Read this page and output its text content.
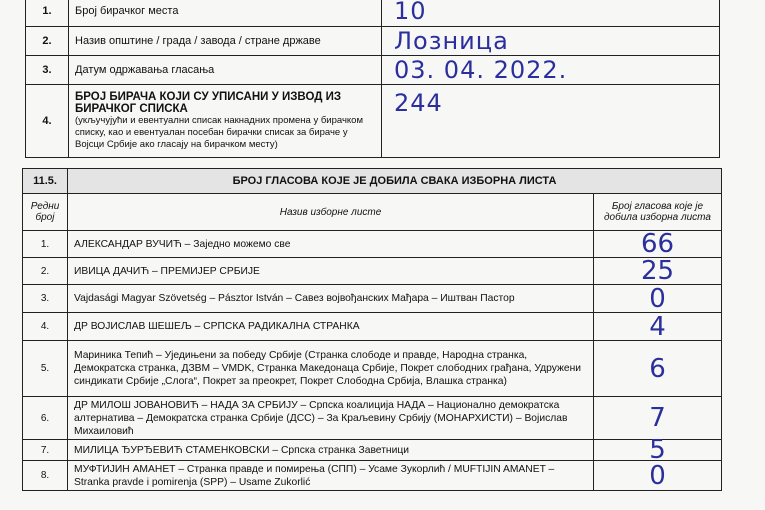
1.	Број бирачког места	10
2.	Назив општине / града / завода / стране државе	Лозница
3.	Датум одржавања гласања	03. 04. 2022.
4.	БРОЈ БИРАЧА КОЈИ СУ УПИСАНИ У ИЗВОД ИЗ БИРАЧКОГ СПИСКА
(укључујући и евентуални списак накнадних промена у бирачком списку, као и евентуалан посебан бирачки списак за бираче у Војсци Србије ако гласају на бирачком месту)	244
11.5.	БРОЈ ГЛАСОВА КОЈЕ ЈЕ ДОБИЛА СВАКА ИЗБОРНА ЛИСТА	
Редни број	Назив изборне листе	Број гласова које је добила изборна листа
1.	АЛЕКСАНДАР ВУЧИЋ – Заједно можемо све	66
2.	ИВИЦА ДАЧИЋ – ПРЕМИЈЕР СРБИЈЕ	25
3.	Vajdasági Magyar Szövetség – Pásztor István – Савез војвођанских Мађара – Иштван Пастор	0
4.	ДР ВОЈИСЛАВ ШЕШЕЉ – СРПСКА РАДИКАЛНА СТРАНКА	4
5.	Мариника Тепић – Уједињени за победу Србије (Странка слободе и правде, Народна странка, Демократска странка, ДЗВМ – VMDK, Странка Македонаца Србије, Покрет слободних грађана, Удружени синдикати Србије „Слога“, Покрет за преокрет, Покрет Слободна Србија, Влашка странка)	6
6.	ДР МИЛОШ ЈОВАНОВИЋ – НАДА ЗА СРБИЈУ – Српска коалиција НАДА – Национално демократска алтернатива – Демократска странка Србије (ДСС) – За Краљевину Србију (МОНАРХИСТИ) – Војислав Михаиловић	7
7.	МИЛИЦА ЂУРЂЕВИЋ СТАМЕНКОВСКИ – Српска странка Заветници	5
8.	МУФТИЈИН АМАНЕТ – Странка правде и помирења (СПП) – Усаме Зукорлић / MUFTIJIN AMANET – Stranka pravde i pomirenja (SPP) – Usame Zukorlić	0
